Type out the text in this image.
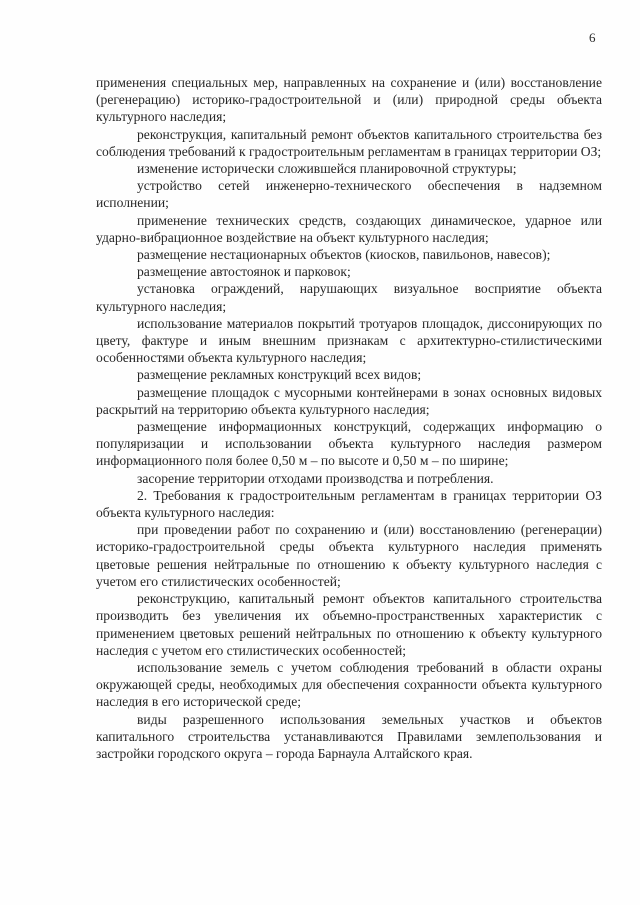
6

применения специальных мер, направленных на сохранение и (или) восстановление (регенерацию) историко-градостроительной и (или) природной среды объекта культурного наследия;

реконструкция, капитальный ремонт объектов капитального строительства без соблюдения требований к градостроительным регламентам в границах территории ОЗ;

изменение исторически сложившейся планировочной структуры;

устройство сетей инженерно-технического обеспечения в надземном исполнении;

применение технических средств, создающих динамическое, ударное или ударно-вибрационное воздействие на объект культурного наследия;

размещение нестационарных объектов (киосков, павильонов, навесов);

размещение автостоянок и парковок;

установка ограждений, нарушающих визуальное восприятие объекта культурного наследия;

использование материалов покрытий тротуаров площадок, диссонирующих по цвету, фактуре и иным внешним признакам с архитектурно-стилистическими особенностями объекта культурного наследия;

размещение рекламных конструкций всех видов;

размещение площадок с мусорными контейнерами в зонах основных видовых раскрытий на территорию объекта культурного наследия;

размещение информационных конструкций, содержащих информацию о популяризации и использовании объекта культурного наследия размером информационного поля более 0,50 м – по высоте и 0,50 м – по ширине;

засорение территории отходами производства и потребления.

2. Требования к градостроительным регламентам в границах территории ОЗ объекта культурного наследия:

при проведении работ по сохранению и (или) восстановлению (регенерации) историко-градостроительной среды объекта культурного наследия применять цветовые решения нейтральные по отношению к объекту культурного наследия с учетом его стилистических особенностей;

реконструкцию, капитальный ремонт объектов капитального строительства производить без увеличения их объемно-пространственных характеристик с применением цветовых решений нейтральных по отношению к объекту культурного наследия с учетом его стилистических особенностей;

использование земель с учетом соблюдения требований в области охраны окружающей среды, необходимых для обеспечения сохранности объекта культурного наследия в его исторической среде;

виды разрешенного использования земельных участков и объектов капитального строительства устанавливаются Правилами землепользования и застройки городского округа – города Барнаула Алтайского края.
